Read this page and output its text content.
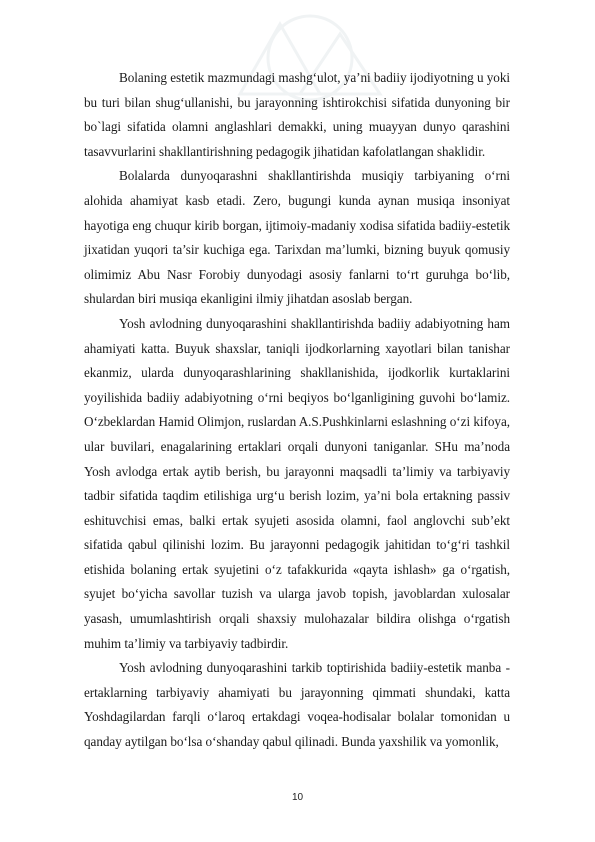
Bolaning estetik mazmundagi mashg‘ulot, ya’ni badiiy ijodiyotning u yoki bu turi bilan shug‘ullanishi, bu jarayonning ishtirokchisi sifatida dunyoning bir bo`lagi sifatida olamni anglashlari demakki, uning muayyan dunyo qarashini tasavvurlarini shakllantirishning pedagogik jihatidan kafolatlangan shaklidir.

Bolalarda dunyoqarashni shakllantirishda musiqiy tarbiyaning o‘rni alohida ahamiyat kasb etadi. Zero, bugungi kunda aynan musiqa insoniyat hayotiga eng chuqur kirib borgan, ijtimoiy-madaniy xodisa sifatida badiiy-estetik jixatidan yuqori ta’sir kuchiga ega. Tarixdan ma’lumki, bizning buyuk qomusiy olimimiz Abu Nasr Forobiy dunyodagi asosiy fanlarni to‘rt guruhga bo‘lib, shulardan biri musiqa ekanligini ilmiy jihatdan asoslab bergan.

Yosh avlodning dunyoqarashini shakllantirishda badiiy adabiyotning ham ahamiyati katta. Buyuk shaxslar, taniqli ijodkorlarning xayotlari bilan tanishar ekanmiz, ularda dunyoqarashlarining shakllanishida, ijodkorlik kurtaklarini yoyilishida badiiy adabiyotning o‘rni beqiyos bo‘lganligining guvohi bo‘lamiz. O‘zbeklardan Hamid Olimjon, ruslardan A.S.Pushkinlarni eslashning o‘zi kifoya, ular buvilari, enagalarining ertaklari orqali dunyoni taniganlar. SHu ma’noda Yosh avlodga ertak aytib berish, bu jarayonni maqsadli ta’limiy va tarbiyaviy tadbir sifatida taqdim etilishiga urg‘u berish lozim, ya’ni bola ertakning passiv eshituvchisi emas, balki ertak syujeti asosida olamni, faol anglovchi sub’ekt sifatida qabul qilinishi lozim. Bu jarayonni pedagogik jahitidan to‘g‘ri tashkil etishida bolaning ertak syujetini o‘z tafakkurida «qayta ishlash» ga o‘rgatish, syujet bo‘yicha savollar tuzish va ularga javob topish, javoblardan xulosalar yasash, umumlashtirish orqali shaxsiy mulohazalar bildira olishga o‘rgatish muhim ta’limiy va tarbiyaviy tadbirdir.

Yosh avlodning dunyoqarashini tarkib toptirishida badiiy-estetik manba - ertaklarning tarbiyaviy ahamiyati bu jarayonning qimmati shundaki, katta Yoshdagilardan farqli o‘laroq ertakdagi voqea-hodisalar bolalar tomonidan u qanday aytilgan bo‘lsa o‘shanday qabul qilinadi. Bunda yaxshilik va yomonlik,

10
